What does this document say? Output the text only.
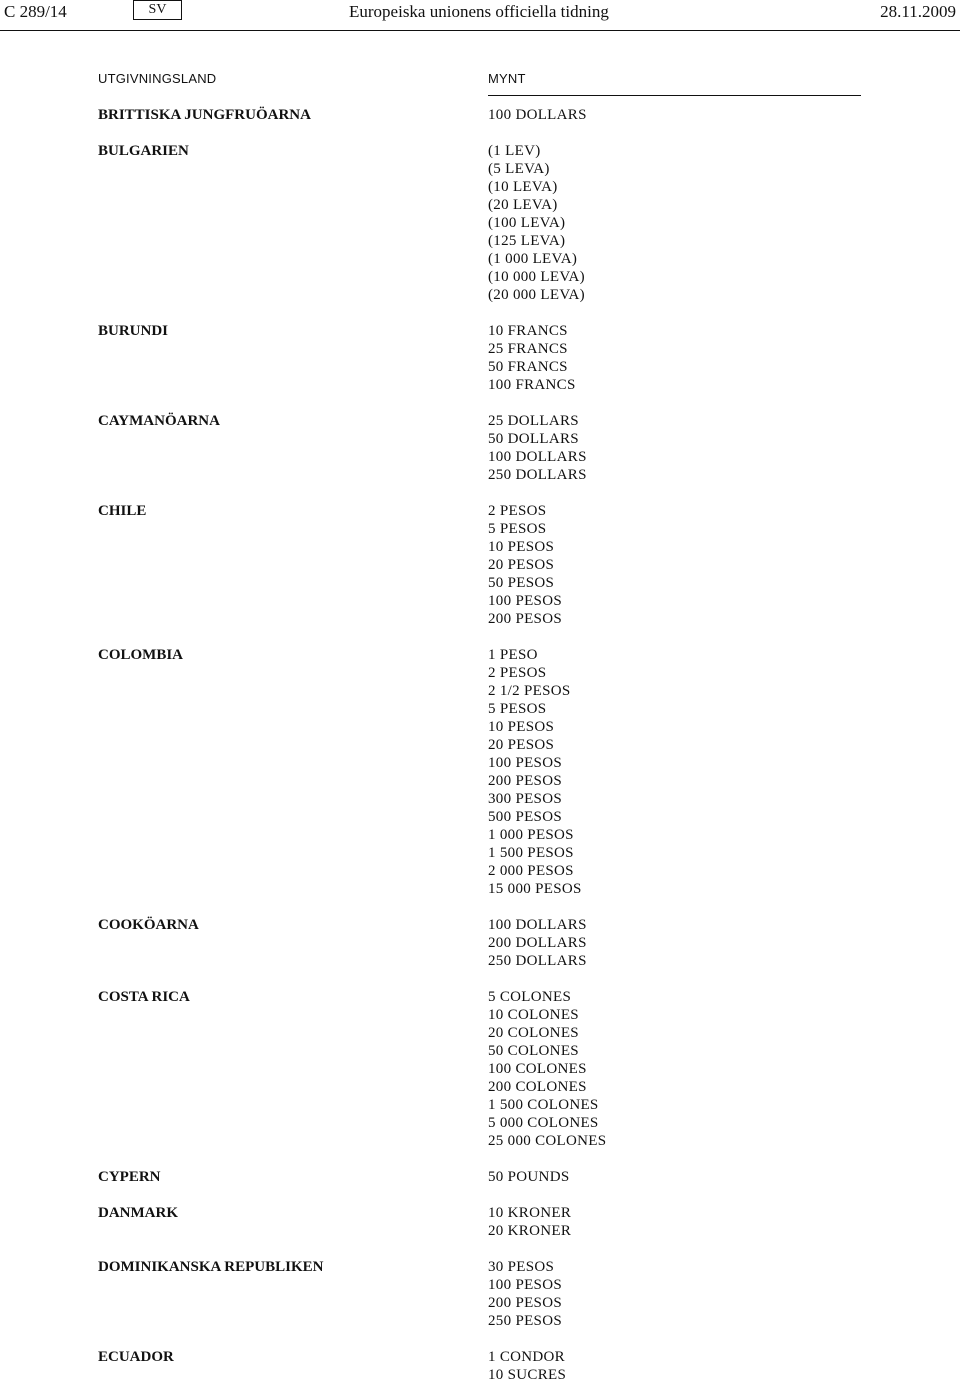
C 289/14	SV	Europeiska unionens officiella tidning	28.11.2009
UTGIVNINGSLAND	MYNT
BRITTISKA JUNGFRUÖARNA	100 DOLLARS
BULGARIEN	(1 LEV)
(5 LEVA)
(10 LEVA)
(20 LEVA)
(100 LEVA)
(125 LEVA)
(1 000 LEVA)
(10 000 LEVA)
(20 000 LEVA)
BURUNDI	10 FRANCS
25 FRANCS
50 FRANCS
100 FRANCS
CAYMANÖARNA	25 DOLLARS
50 DOLLARS
100 DOLLARS
250 DOLLARS
CHILE	2 PESOS
5 PESOS
10 PESOS
20 PESOS
50 PESOS
100 PESOS
200 PESOS
COLOMBIA	1 PESO
2 PESOS
2 1/2 PESOS
5 PESOS
10 PESOS
20 PESOS
100 PESOS
200 PESOS
300 PESOS
500 PESOS
1 000 PESOS
1 500 PESOS
2 000 PESOS
15 000 PESOS
COOKÖARNA	100 DOLLARS
200 DOLLARS
250 DOLLARS
COSTA RICA	5 COLONES
10 COLONES
20 COLONES
50 COLONES
100 COLONES
200 COLONES
1 500 COLONES
5 000 COLONES
25 000 COLONES
CYPERN	50 POUNDS
DANMARK	10 KRONER
20 KRONER
DOMINIKANSKA REPUBLIKEN	30 PESOS
100 PESOS
200 PESOS
250 PESOS
ECUADOR	1 CONDOR
10 SUCRES
